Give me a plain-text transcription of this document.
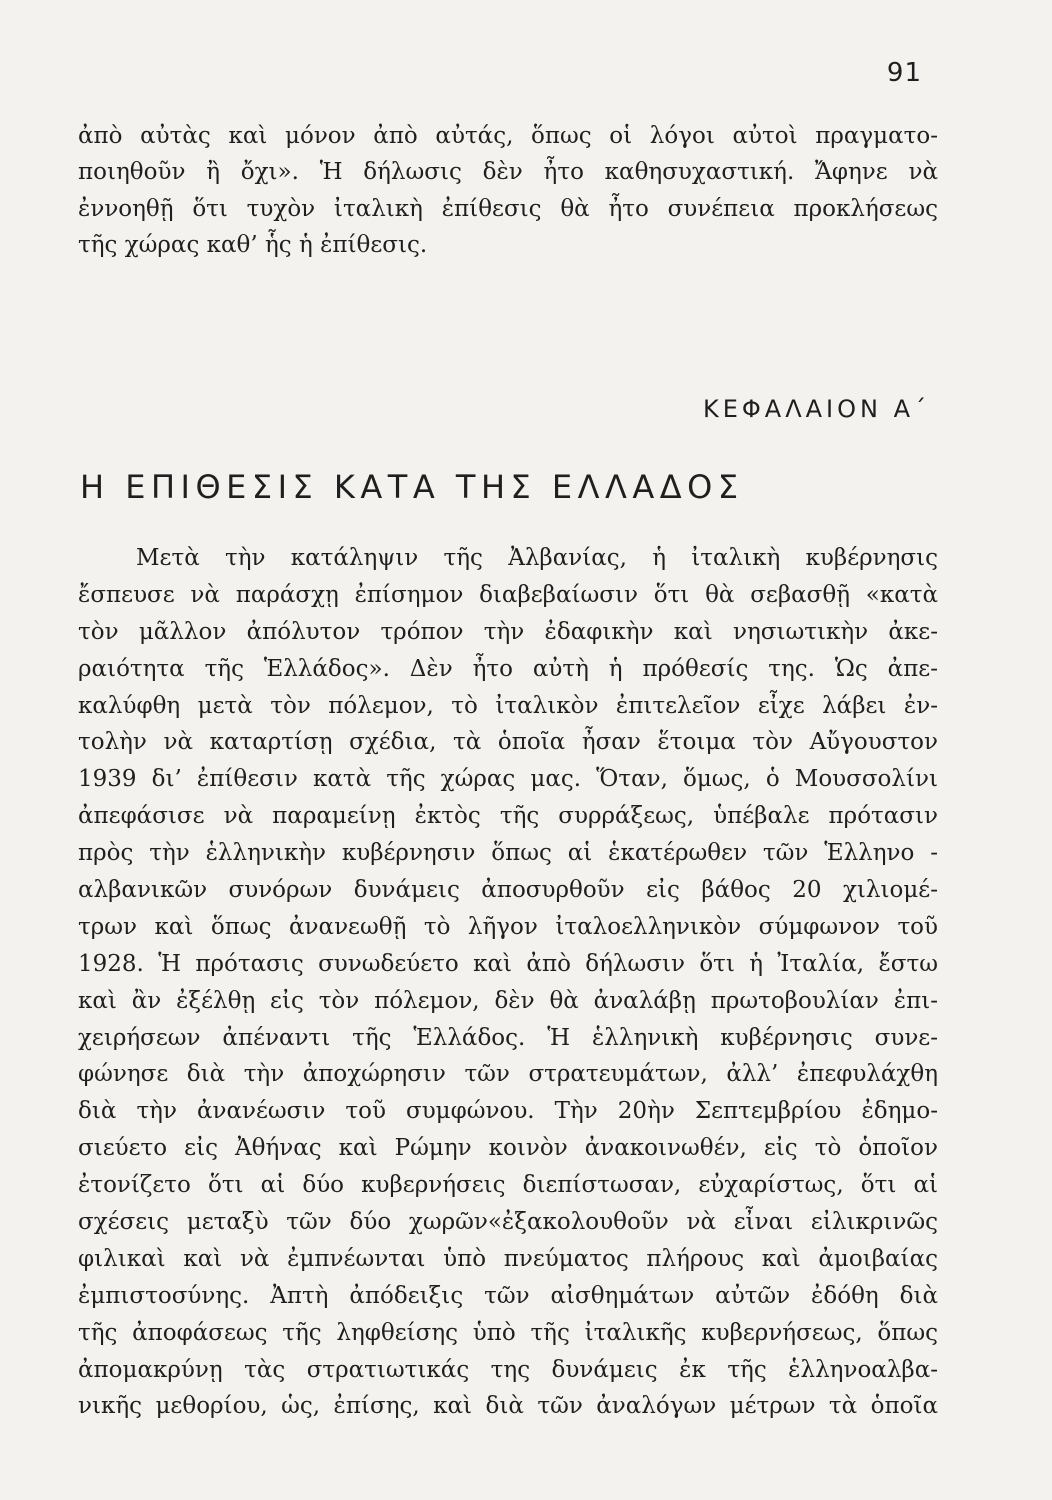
91
ἀπὸ αὐτὰς καὶ μόνον ἀπὸ αὐτάς, ὅπως οἱ λόγοι αὐτοὶ πραγματο-
ποιηθοῦν ἢ ὄχι». Ἡ δήλωσις δὲν ἦτο καθησυχαστική. Ἄφηνε νὰ
ἐννοηθῇ ὅτι τυχὸν ἰταλικὴ ἐπίθεσις θὰ ἦτο συνέπεια προκλήσεως
τῆς χώρας καθ’ ἧς ἡ ἐπίθεσις.
ΚΕΦΑΛΑΙΟΝ Α΄
Η ΕΠΙΘΕΣΙΣ ΚΑΤΑ ΤΗΣ ΕΛΛΑΔΟΣ
Μετὰ τὴν κατάληψιν τῆς Ἀλβανίας, ἡ ἰταλικὴ κυβέρνησις
ἔσπευσε νὰ παράσχῃ ἐπίσημον διαβεβαίωσιν ὅτι θὰ σεβασθῇ «κατὰ
τὸν μᾶλλον ἀπόλυτον τρόπον τὴν ἐδαφικὴν καὶ νησιωτικὴν ἀκε-
ραιότητα τῆς Ἑλλάδος». Δὲν ἦτο αὐτὴ ἡ πρόθεσίς της. Ὡς ἀπε-
καλύφθη μετὰ τὸν πόλεμον, τὸ ἰταλικὸν ἐπιτελεῖον εἶχε λάβει ἐν-
τολὴν νὰ καταρτίσῃ σχέδια, τὰ ὁποῖα ἦσαν ἕτοιμα τὸν Αὔγουστον
1939 δι’ ἐπίθεσιν κατὰ τῆς χώρας μας. Ὅταν, ὅμως, ὁ Μουσσολίνι
ἀπεφάσισε νὰ παραμείνῃ ἐκτὸς τῆς συρράξεως, ὑπέβαλε πρότασιν
πρὸς τὴν ἑλληνικὴν κυβέρνησιν ὅπως αἱ ἑκατέρωθεν τῶν Ἑλληνο -
αλβανικῶν συνόρων δυνάμεις ἀποσυρθοῦν εἰς βάθος 20 χιλιομέ-
τρων καὶ ὅπως ἀνανεωθῇ τὸ λῆγον ἰταλοελληνικὸν σύμφωνον τοῦ
1928. Ἡ πρότασις συνωδεύετο καὶ ἀπὸ δήλωσιν ὅτι ἡ Ἰταλία, ἔστω
καὶ ἂν ἐξέλθῃ εἰς τὸν πόλεμον, δὲν θὰ ἀναλάβῃ πρωτοβουλίαν ἐπι-
χειρήσεων ἀπέναντι τῆς Ἑλλάδος. Ἡ ἑλληνικὴ κυβέρνησις συνε-
φώνησε διὰ τὴν ἀποχώρησιν τῶν στρατευμάτων, ἀλλ’ ἐπεφυλάχθη
διὰ τὴν ἀνανέωσιν τοῦ συμφώνου. Τὴν 20ὴν Σεπτεμβρίου ἐδημο-
σιεύετο εἰς Ἀθήνας καὶ Ρώμην κοινὸν ἀνακοινωθέν, εἰς τὸ ὁποῖον
ἐτονίζετο ὅτι αἱ δύο κυβερνήσεις διεπίστωσαν, εὐχαρίστως, ὅτι αἱ
σχέσεις μεταξὺ τῶν δύο χωρῶν«ἐξακολουθοῦν νὰ εἶναι εἰλικρινῶς
φιλικαὶ καὶ νὰ ἐμπνέωνται ὑπὸ πνεύματος πλήρους καὶ ἀμοιβαίας
ἐμπιστοσύνης. Ἀπτὴ ἀπόδειξις τῶν αἰσθημάτων αὐτῶν ἐδόθη διὰ
τῆς ἀποφάσεως τῆς ληφθείσης ὑπὸ τῆς ἰταλικῆς κυβερνήσεως, ὅπως
ἀπομακρύνῃ τὰς στρατιωτικάς της δυνάμεις ἐκ τῆς ἑλληνοαλβα-
νικῆς μεθορίου, ὡς, ἐπίσης, καὶ διὰ τῶν ἀναλόγων μέτρων τὰ ὁποῖα
